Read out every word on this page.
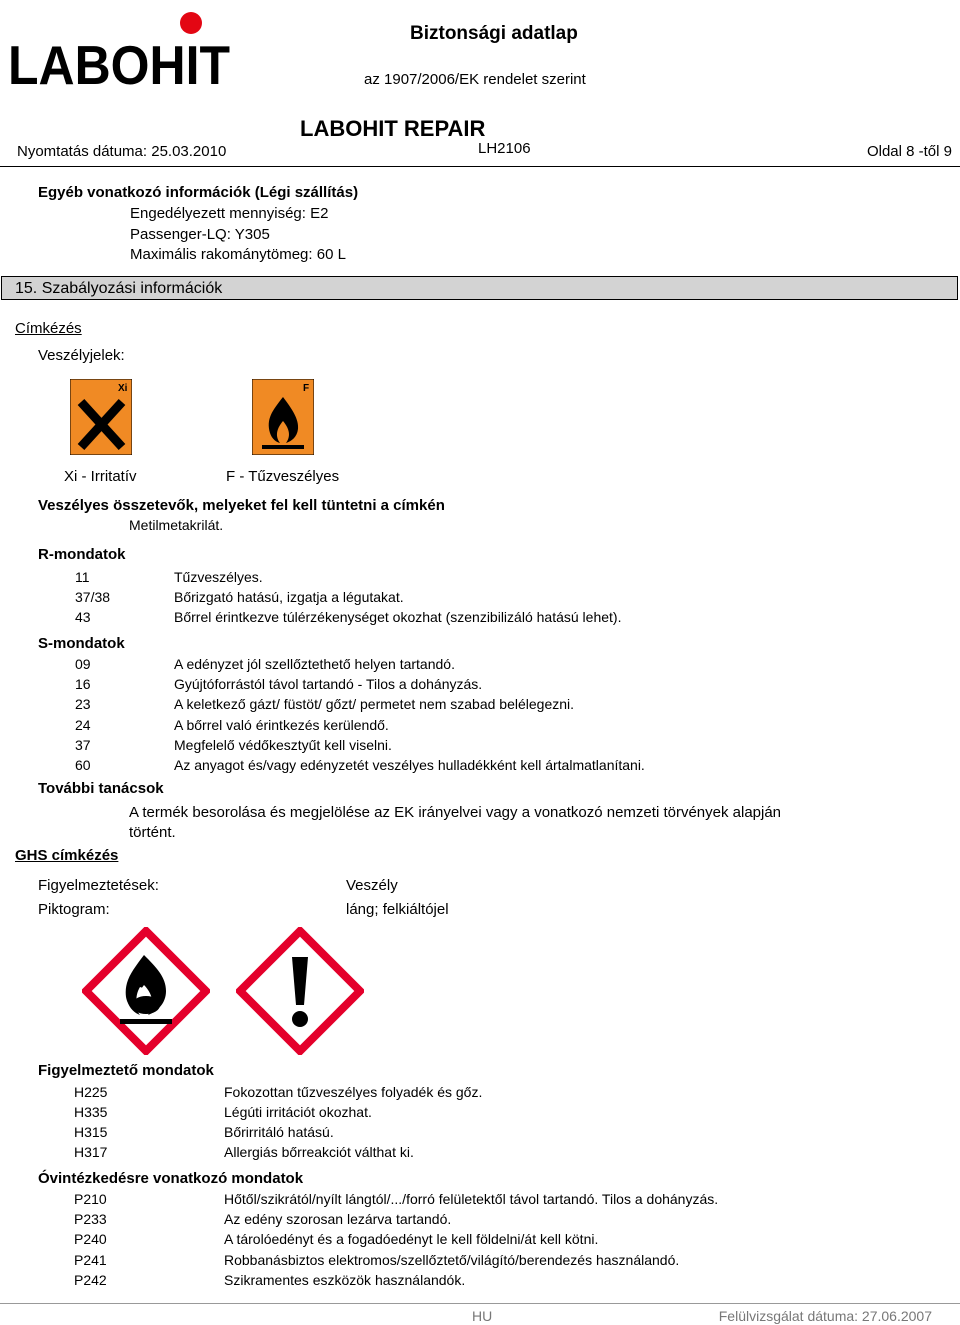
LABOHIT
Biztonsági adatlap
az 1907/2006/EK rendelet szerint
LABOHIT REPAIR
Nyomtatás dátuma: 25.03.2010	LH2106	Oldal 8 -től 9
Egyéb vonatkozó információk (Légi szállítás)
Engedélyezett mennyiség: E2
Passenger-LQ: Y305
Maximális rakománytömeg: 60 L
15. Szabályozási információk
Címkézés
Veszélyjelek:
Xi	F
Xi - Irritatív	F - Tűzveszélyes
Veszélyes összetevők, melyeket fel kell tüntetni a címkén
Metilmetakrilát.
R-mondatok
11	Tűzveszélyes.
37/38	Bőrizgató hatású, izgatja a légutakat.
43	Bőrrel érintkezve túlérzékenységet okozhat (szenzibilizáló hatású lehet).
S-mondatok
09	A edényzet jól szellőztethető helyen tartandó.
16	Gyújtóforrástól távol tartandó - Tilos a dohányzás.
23	A keletkező gázt/ füstöt/ gőzt/ permetet nem szabad belélegezni.
24	A bőrrel való érintkezés kerülendő.
37	Megfelelő védőkesztyűt kell viselni.
60	Az anyagot és/vagy edényzetét veszélyes hulladékként kell ártalmatlanítani.
További tanácsok
A termék besorolása és megjelölése az EK irányelvei vagy a vonatkozó nemzeti törvények alapján
történt.
GHS címkézés
Figyelmeztetések:	Veszély
Piktogram:	láng; felkiáltójel
Figyelmeztető mondatok
H225	Fokozottan tűzveszélyes folyadék és gőz.
H335	Légúti irritációt okozhat.
H315	Bőrirritáló hatású.
H317	Allergiás bőrreakciót válthat ki.
Óvintézkedésre vonatkozó mondatok
P210	Hőtől/szikrától/nyílt lángtól/.../forró felületektől távol tartandó. Tilos a dohányzás.
P233	Az edény szorosan lezárva tartandó.
P240	A tárolóedényt és a fogadóedényt le kell földelni/át kell kötni.
P241	Robbanásbiztos elektromos/szellőztető/világító/berendezés használandó.
P242	Szikramentes eszközök használandók.
HU	Felülvizsgálat dátuma: 27.06.2007
